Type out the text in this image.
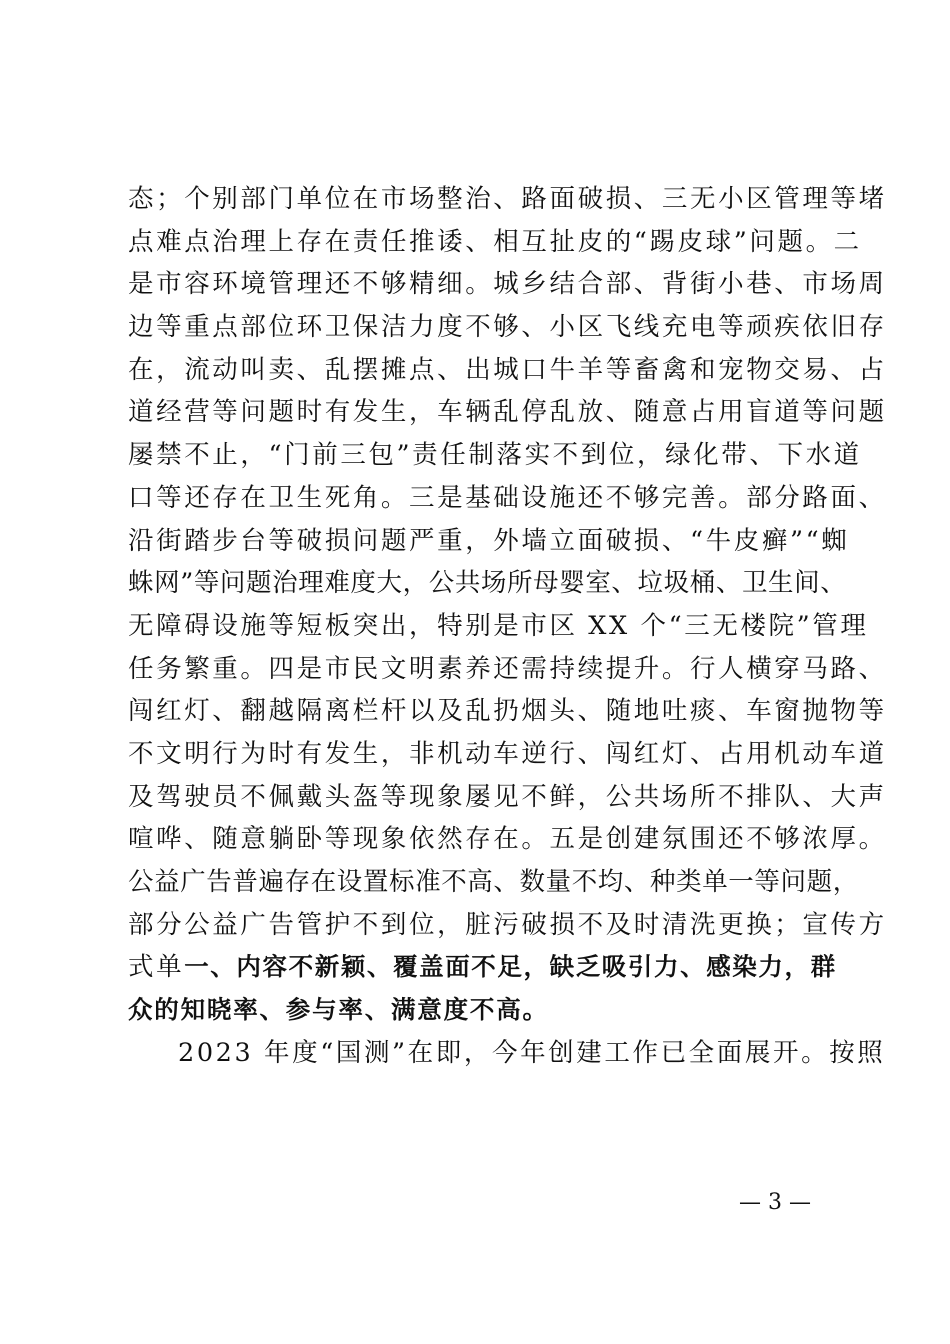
态；个别部门单位在市场整治、路面破损、三无小区管理等堵
点难点治理上存在责任推诿、相互扯皮的“踢皮球”问题。二
是市容环境管理还不够精细。城乡结合部、背街小巷、市场周
边等重点部位环卫保洁力度不够、小区飞线充电等顽疾依旧存
在，流动叫卖、乱摆摊点、出城口牛羊等畜禽和宠物交易、占
道经营等问题时有发生，车辆乱停乱放、随意占用盲道等问题
屡禁不止，“门前三包”责任制落实不到位，绿化带、下水道
口等还存在卫生死角。三是基础设施还不够完善。部分路面、
沿街踏步台等破损问题严重，外墙立面破损、“牛皮癣”“蜘
蛛网”等问题治理难度大，公共场所母婴室、垃圾桶、卫生间、
无障碍设施等短板突出，特别是市区 XX 个“三无楼院”管理
任务繁重。四是市民文明素养还需持续提升。行人横穿马路、
闯红灯、翻越隔离栏杆以及乱扔烟头、随地吐痰、车窗抛物等
不文明行为时有发生，非机动车逆行、闯红灯、占用机动车道
及驾驶员不佩戴头盔等现象屡见不鲜，公共场所不排队、大声
喧哗、随意躺卧等现象依然存在。五是创建氛围还不够浓厚。
公益广告普遍存在设置标准不高、数量不均、种类单一等问题，
部分公益广告管护不到位，脏污破损不及时清洗更换；宣传方
式单一、内容不新颖、覆盖面不足，缺乏吸引力、感染力，群
众的知晓率、参与率、满意度不高。
2023 年度“国测”在即，今年创建工作已全面展开。按照
— 3 —
